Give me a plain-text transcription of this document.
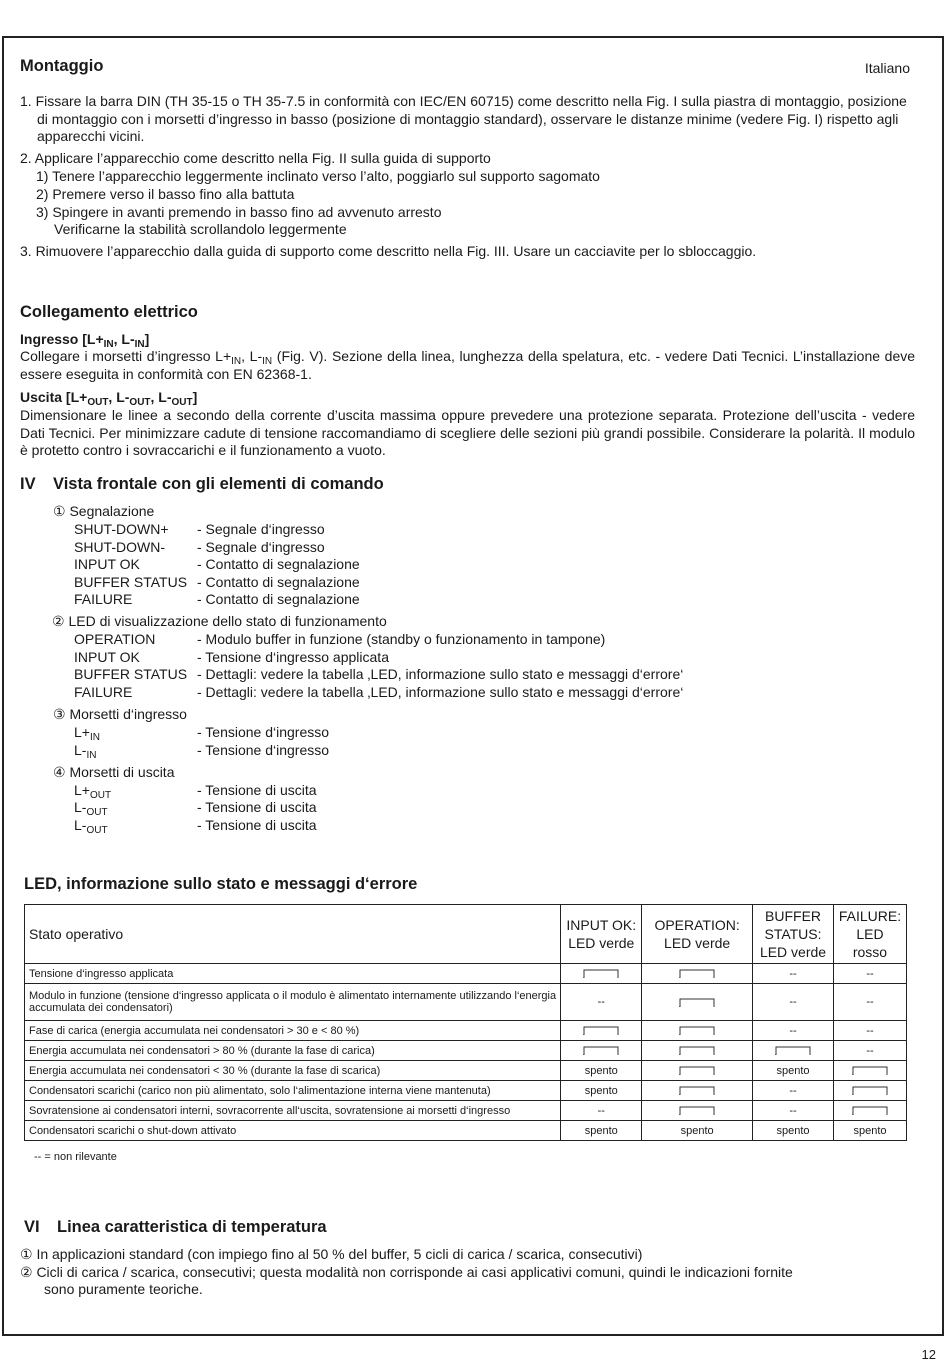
Montaggio	Italiano
1. Fissare la barra DIN (TH 35-15 o TH 35-7.5 in conformità con IEC/EN 60715) come descritto nella Fig. I sulla piastra di montaggio, posizione di montaggio con i morsetti d’ingresso in basso (posizione di montaggio standard), osservare le distanze minime (vedere Fig. I) rispetto agli apparecchi vicini.
2. Applicare l’apparecchio come descritto nella Fig. II sulla guida di supporto
1) Tenere l’apparecchio leggermente inclinato verso l’alto, poggiarlo sul supporto sagomato
2) Premere verso il basso fino alla battuta
3) Spingere in avanti premendo in basso fino ad avvenuto arresto
Verificarne la stabilità scrollandolo leggermente
3. Rimuovere l’apparecchio dalla guida di supporto come descritto nella Fig. III. Usare un cacciavite per lo sbloccaggio.
Collegamento elettrico
Ingresso [$L+_{IN}$, $L-_{IN}$]
Collegare i morsetti d’ingresso $L+_{IN}$, $L-_{IN}$ (Fig. V). Sezione della linea, lunghezza della spelatura, etc. - vedere Dati Tecnici. L’installazione deve essere eseguita in conformità con EN 62368-1.
Uscita [$L+_{OUT}$, $L-_{OUT}$, $L-_{OUT}$]
Dimensionare le linee a secondo della corrente d’uscita massima oppure prevedere una protezione separata. Protezione dell’uscita - vedere Dati Tecnici. Per minimizzare cadute di tensione raccomandiamo di scegliere delle sezioni più grandi possibile. Considerare la polarità. Il modulo è protetto contro i sovraccarichi e il funzionamento a vuoto.
IV Vista frontale con gli elementi di comando
① Segnalazione
SHUT-DOWN+ - Segnale d‘ingresso
SHUT-DOWN- - Segnale d‘ingresso
INPUT OK	- Contatto di segnalazione
BUFFER STATUS - Contatto di segnalazione
FAILURE	- Contatto di segnalazione
② LED di visualizzazione dello stato di funzionamento
OPERATION	- Modulo buffer in funzione (standby o funzionamento in tampone)
INPUT OK	- Tensione d‘ingresso applicata
BUFFER STATUS - Dettagli: vedere la tabella ‚LED, informazione sullo stato e messaggi d‘errore‘
FAILURE	- Dettagli: vedere la tabella ‚LED, informazione sullo stato e messaggi d‘errore‘
③ Morsetti d‘ingresso
$L+_{IN}$	- Tensione d‘ingresso
$L-_{IN}$	- Tensione d‘ingresso
④ Morsetti di uscita
$L+_{OUT}$	- Tensione di uscita
$L-_{OUT}$	- Tensione di uscita
$L-_{OUT}$	- Tensione di uscita
LED, informazione sullo stato e messaggi d‘errore
Stato operativo	INPUT OK: LED verde	OPERATION: LED verde	BUFFER STATUS: LED verde	FAILURE: LED rosso
Tensione d‘ingresso applicata			--	--
Modulo in funzione (tensione d‘ingresso applicata o il modulo è alimentato internamente utilizzando l‘energia accumulata dei condensatori)	--		--	--
Fase di carica (energia accumulata nei condensatori > 30 e < 80 %)			--	--
Energia accumulata nei condensatori > 80 % (durante la fase di carica)				--
Energia accumulata nei condensatori < 30 % (durante la fase di scarica)	spento		spento	
Condensatori scarichi (carico non più alimentato, solo l‘alimentazione interna viene mantenuta)	spento		--	
Sovratensione ai condensatori interni, sovracorrente all‘uscita, sovratensione ai morsetti d‘ingresso	--		--	
Condensatori scarichi o shut-down attivato	spento	spento	spento	spento
-- = non rilevante
VI Linea caratteristica di temperatura
① In applicazioni standard (con impiego fino al 50 % del buffer, 5 cicli di carica / scarica, consecutivi)
② Cicli di carica / scarica, consecutivi; questa modalità non corrisponde ai casi applicativi comuni, quindi le indicazioni fornite
sono puramente teoriche.
12
